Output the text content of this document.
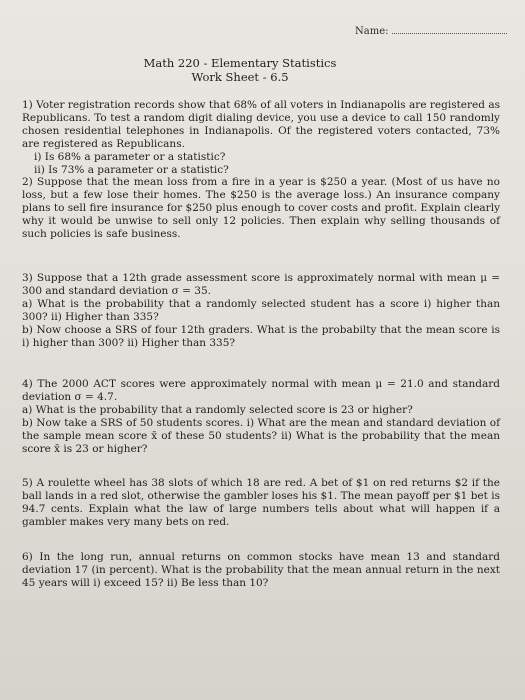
Name:
Math 220 - Elementary Statistics
Work Sheet - 6.5

1) Voter registration records show that 68% of all voters in Indianapolis are registered as Republicans. To test a random digit dialing device, you use a device to call 150 randomly chosen residential telephones in Indianapolis. Of the registered voters contacted, 73% are registered as Republicans.

i) Is 68% a parameter or a statistic?
ii) Is 73% a parameter or a statistic?

2) Suppose that the mean loss from a fire in a year is $250 a year. (Most of us have no loss, but a few lose their homes. The $250 is the average loss.) An insurance company plans to sell fire insurance for $250 plus enough to cover costs and profit. Explain clearly why it would be unwise to sell only 12 policies. Then explain why selling thousands of such policies is safe business.

3) Suppose that a 12th grade assessment score is approximately normal with mean μ = 300 and standard deviation σ = 35.

a) What is the probability that a randomly selected student has a score i) higher than 300? ii) Higher than 335?

b) Now choose a SRS of four 12th graders. What is the probabilty that the mean score is i) higher than 300? ii) Higher than 335?

4) The 2000 ACT scores were approximately normal with mean μ = 21.0 and standard deviation σ = 4.7.

a) What is the probability that a randomly selected score is 23 or higher?

b) Now take a SRS of 50 students scores. i) What are the mean and standard deviation of the sample mean score x̄ of these 50 students? ii) What is the probability that the mean score x̄ is 23 or higher?

5) A roulette wheel has 38 slots of which 18 are red. A bet of $1 on red returns $2 if the ball lands in a red slot, otherwise the gambler loses his $1. The mean payoff per $1 bet is 94.7 cents. Explain what the law of large numbers tells about what will happen if a gambler makes very many bets on red.

6) In the long run, annual returns on common stocks have mean 13 and standard deviation 17 (in percent). What is the probability that the mean annual return in the next 45 years will i) exceed 15? ii) Be less than 10?
